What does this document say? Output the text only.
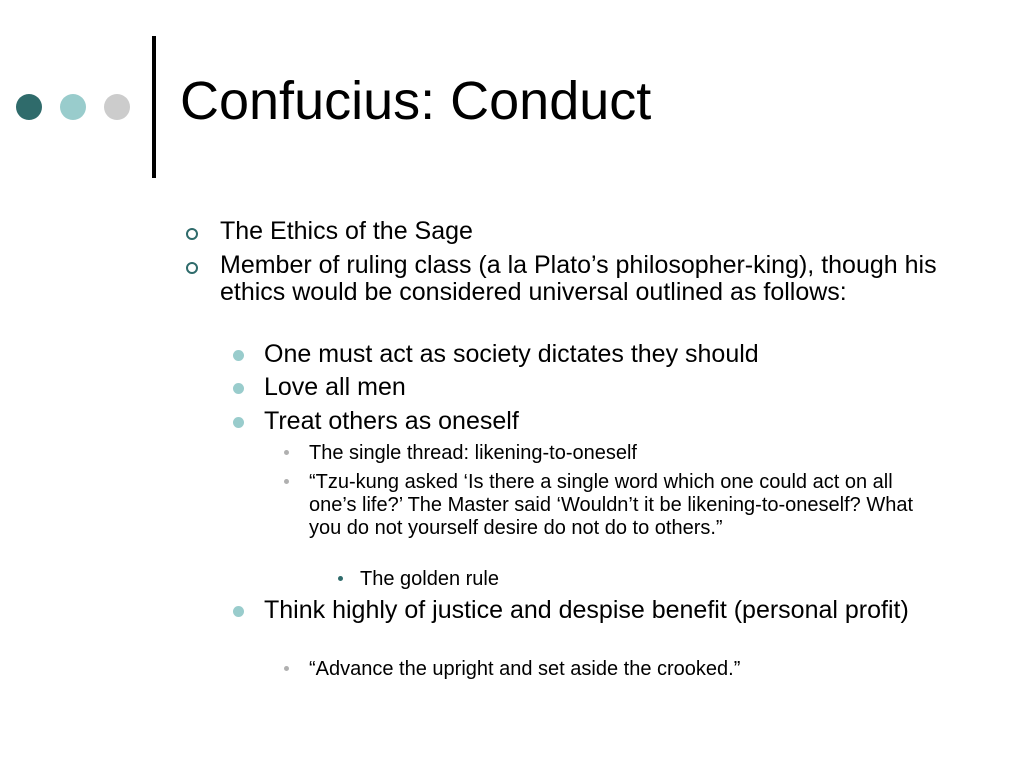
Confucius: Conduct

The Ethics of the Sage

Member of ruling class (a la Plato’s philosopher-king), though his ethics would be considered universal outlined as follows:

One must act as society dictates they should

Love all men

Treat others as oneself

The single thread: likening-to-oneself

“Tzu-kung asked ‘Is there a single word which one could act on all one’s life?’ The Master said ‘Wouldn’t it be likening-to-oneself? What you do not yourself desire do not do to others.”

The golden rule

Think highly of justice and despise benefit (personal profit)

“Advance the upright and set aside the crooked.”
